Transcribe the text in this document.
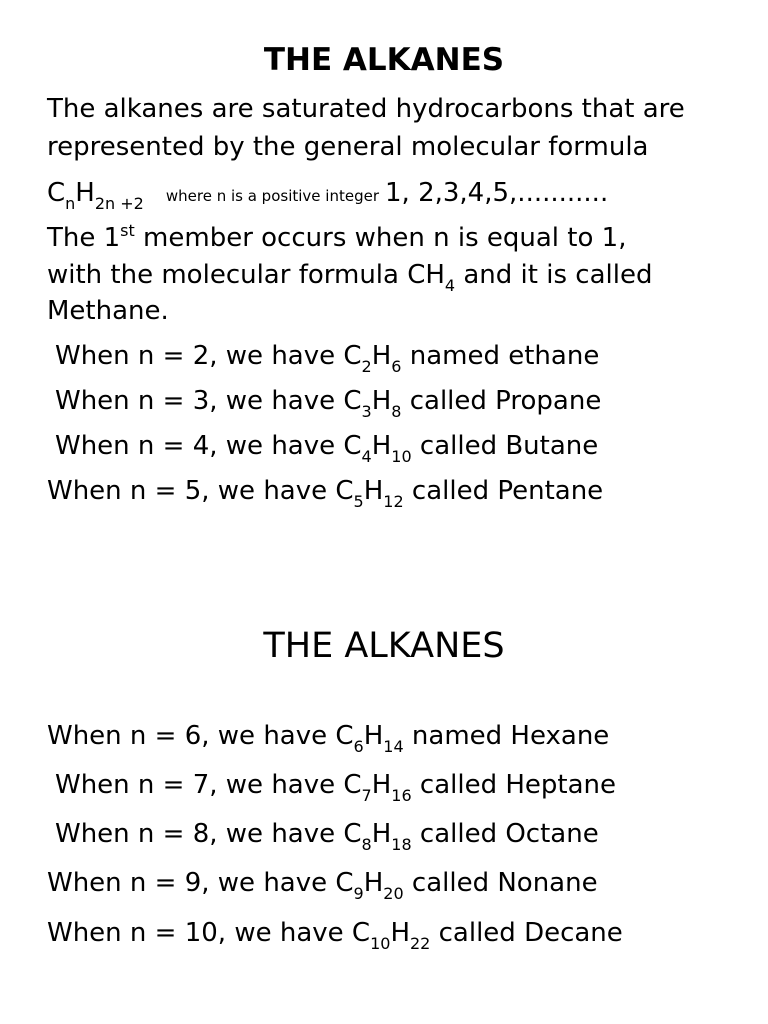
THE ALKANES
The alkanes are saturated hydrocarbons that are
represented by the general molecular formula
$C_nH_{2n +2}$ where n is a positive integer 1, 2,3,4,5,...........
The 1st member occurs when n is equal to 1,
with the molecular formula $CH_4$ and it is called
Methane.
When n = 2, we have $C_2H_6$ named ethane
When n = 3, we have $C_3H_8$ called Propane
When n = 4, we have $C_4H_{10}$ called Butane
When n = 5, we have $C_5H_{12}$ called Pentane
THE ALKANES
When n = 6, we have $C_6H_{14}$ named Hexane
When n = 7, we have $C_7H_{16}$ called Heptane
When n = 8, we have $C_8H_{18}$ called Octane
When n = 9, we have $C_9H_{20}$ called Nonane
When n = 10, we have $C_{10}H_{22}$ called Decane
